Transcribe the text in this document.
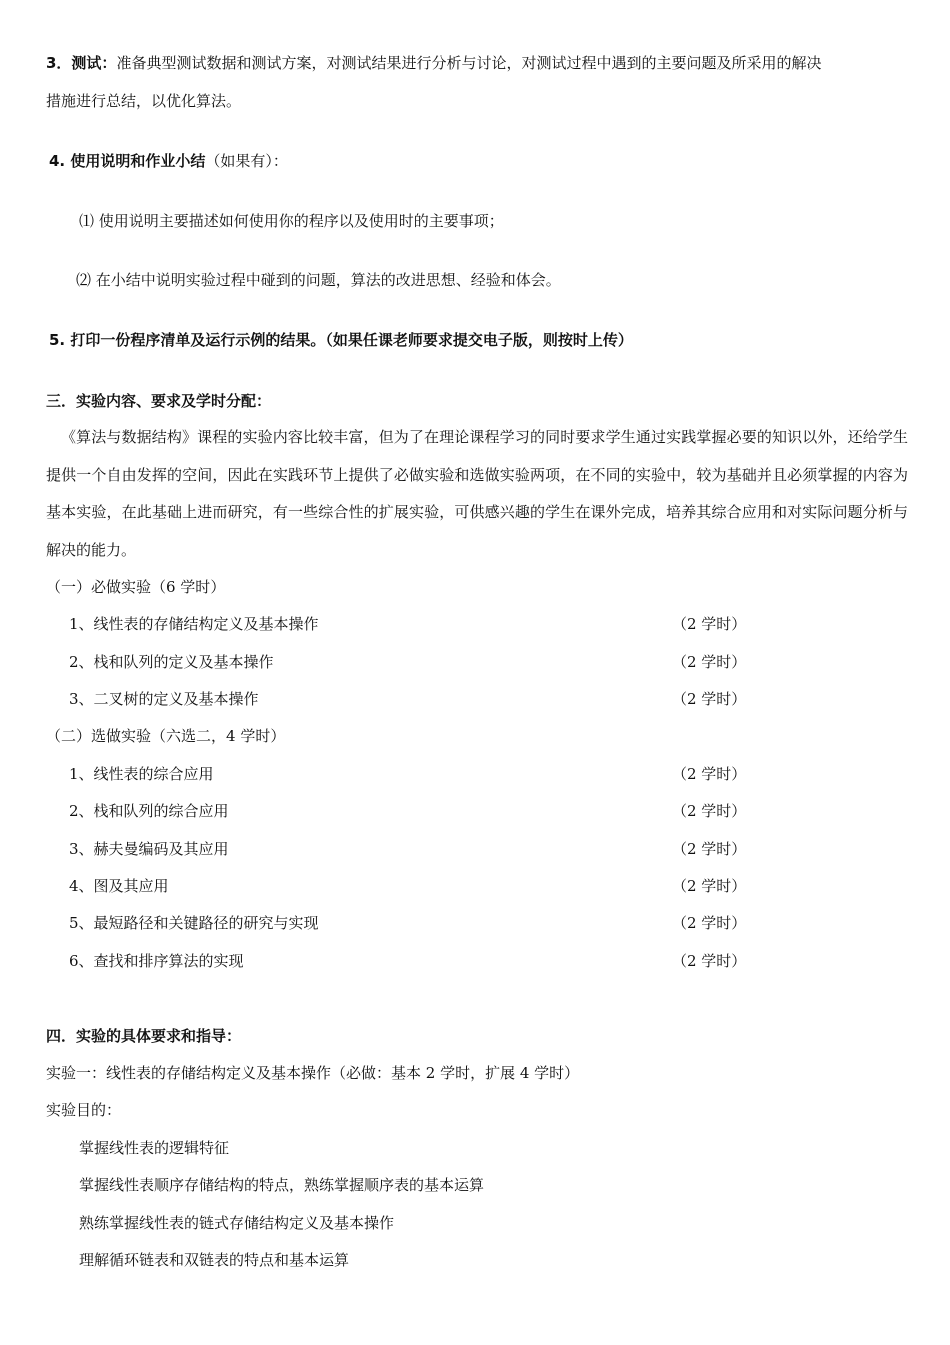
3．测试：准备典型测试数据和测试方案，对测试结果进行分析与讨论，对测试过程中遇到的主要问题及所采用的解决
措施进行总结，以优化算法。
4. 使用说明和作业小结（如果有）：
⑴ 使用说明主要描述如何使用你的程序以及使用时的主要事项；
⑵ 在小结中说明实验过程中碰到的问题，算法的改进思想、经验和体会。
5. 打印一份程序清单及运行示例的结果。（如果任课老师要求提交电子版，则按时上传）
三．实验内容、要求及学时分配：
《算法与数据结构》课程的实验内容比较丰富，但为了在理论课程学习的同时要求学生通过实践掌握必要的知识以外，还给学生提供一个自由发挥的空间，因此在实践环节上提供了必做实验和选做实验两项，在不同的实验中，较为基础并且必须掌握的内容为基本实验，在此基础上进而研究，有一些综合性的扩展实验，可供感兴趣的学生在课外完成，培养其综合应用和对实际问题分析与解决的能力。
（一）必做实验（6 学时）
1、线性表的存储结构定义及基本操作	（2 学时）
2、栈和队列的定义及基本操作	（2 学时）
3、二叉树的定义及基本操作	（2 学时）
（二）选做实验（六选二，4 学时）
1、线性表的综合应用	（2 学时）
2、栈和队列的综合应用	（2 学时）
3、赫夫曼编码及其应用	（2 学时）
4、图及其应用	（2 学时）
5、最短路径和关键路径的研究与实现	（2 学时）
6、查找和排序算法的实现	（2 学时）
四．实验的具体要求和指导：
实验一：线性表的存储结构定义及基本操作（必做：基本 2 学时，扩展 4 学时）
实验目的：
掌握线性表的逻辑特征
掌握线性表顺序存储结构的特点，熟练掌握顺序表的基本运算
熟练掌握线性表的链式存储结构定义及基本操作
理解循环链表和双链表的特点和基本运算
